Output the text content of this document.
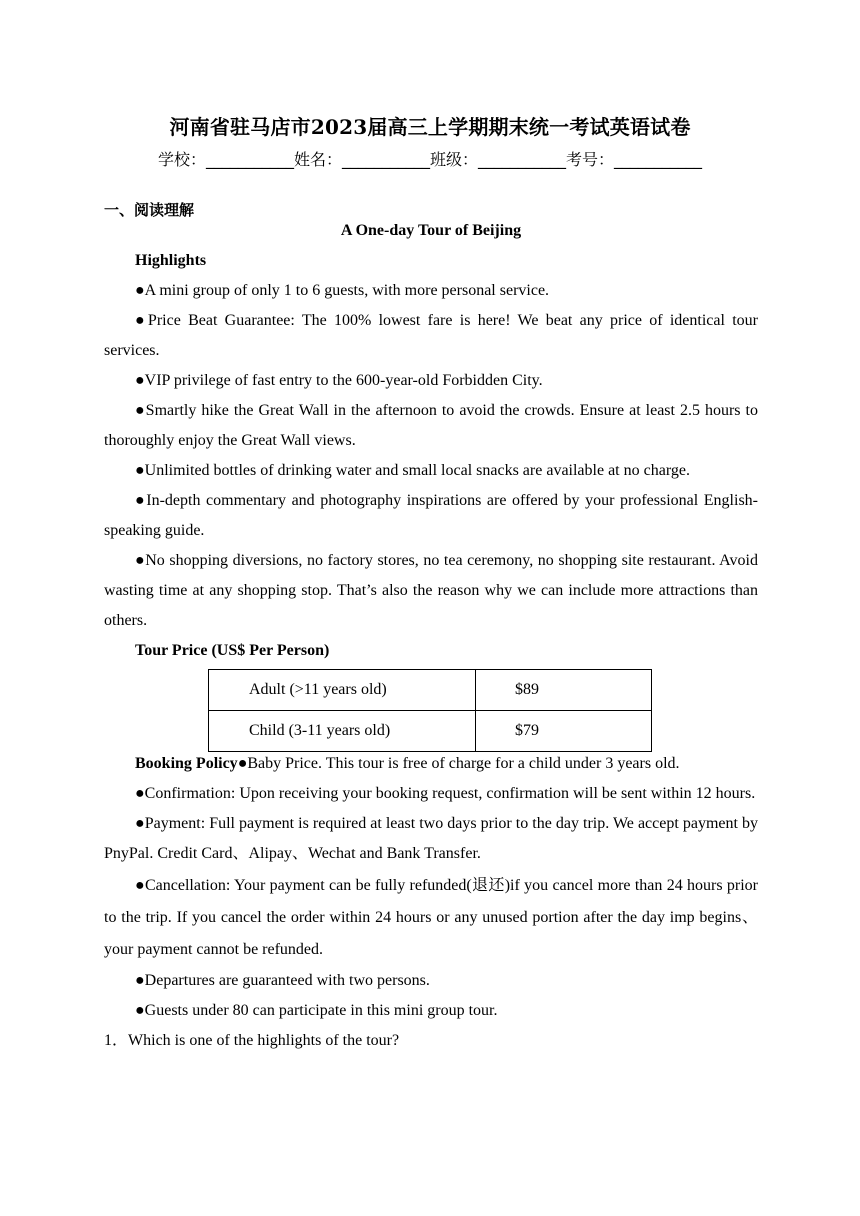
河南省驻马店市2023届高三上学期期末统一考试英语试卷
学校：___________姓名：___________班级：___________考号：___________
一、阅读理解
A One-day Tour of Beijing
Highlights
●A mini group of only 1 to 6 guests, with more personal service.
●Price Beat Guarantee: The 100% lowest fare is here! We beat any price of identical tour services.
●VIP privilege of fast entry to the 600-year-old Forbidden City.
●Smartly hike the Great Wall in the afternoon to avoid the crowds. Ensure at least 2.5 hours to thoroughly enjoy the Great Wall views.
●Unlimited bottles of drinking water and small local snacks are available at no charge.
●In-depth commentary and photography inspirations are offered by your professional English-speaking guide.
●No shopping diversions, no factory stores, no tea ceremony, no shopping site restaurant. Avoid wasting time at any shopping stop. That’s also the reason why we can include more attractions than others.
Tour Price (US$ Per Person)
Adult (>11 years old)	$89
Child (3-11 years old)	$79
Booking Policy●Baby Price. This tour is free of charge for a child under 3 years old.
●Confirmation: Upon receiving your booking request, confirmation will be sent within 12 hours.
●Payment: Full payment is required at least two days prior to the day trip. We accept payment by PnyPal. Credit Card、Alipay、Wechat and Bank Transfer.
●Cancellation: Your payment can be fully refunded(退还)if you cancel more than 24 hours prior to the trip. If you cancel the order within 24 hours or any unused portion after the day imp begins、your payment cannot be refunded.
●Departures are guaranteed with two persons.
●Guests under 80 can participate in this mini group tour.
1．Which is one of the highlights of the tour?
